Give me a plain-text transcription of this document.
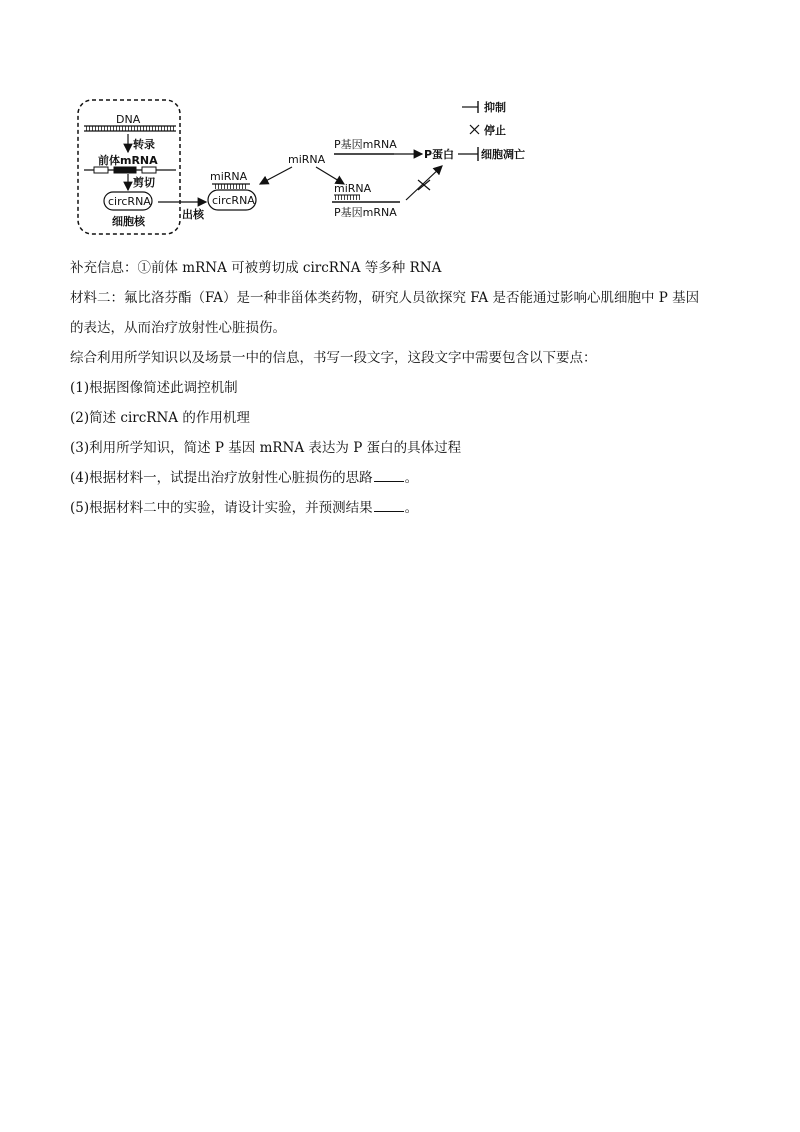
DNA
转录
前体mRNA
剪切
circRNA
细胞核
出核
miRNA
circRNA
miRNA
P基因mRNA
P蛋白 细胞凋亡
miRNA
P基因mRNA
抑制
停止
补充信息：①前体 mRNA 可被剪切成 circRNA 等多种 RNA
材料二：氟比洛芬酯（FA）是一种非甾体类药物，研究人员欲探究 FA 是否能通过影响心肌细胞中 P 基因
的表达，从而治疗放射性心脏损伤。
综合利用所学知识以及场景一中的信息，书写一段文字，这段文字中需要包含以下要点：
(1)根据图像简述此调控机制
(2)简述 circRNA 的作用机理
(3)利用所学知识，简述 P 基因 mRNA 表达为 P 蛋白的具体过程
(4)根据材料一，试提出治疗放射性心脏损伤的思路 。
(5)根据材料二中的实验，请设计实验，并预测结果 。
